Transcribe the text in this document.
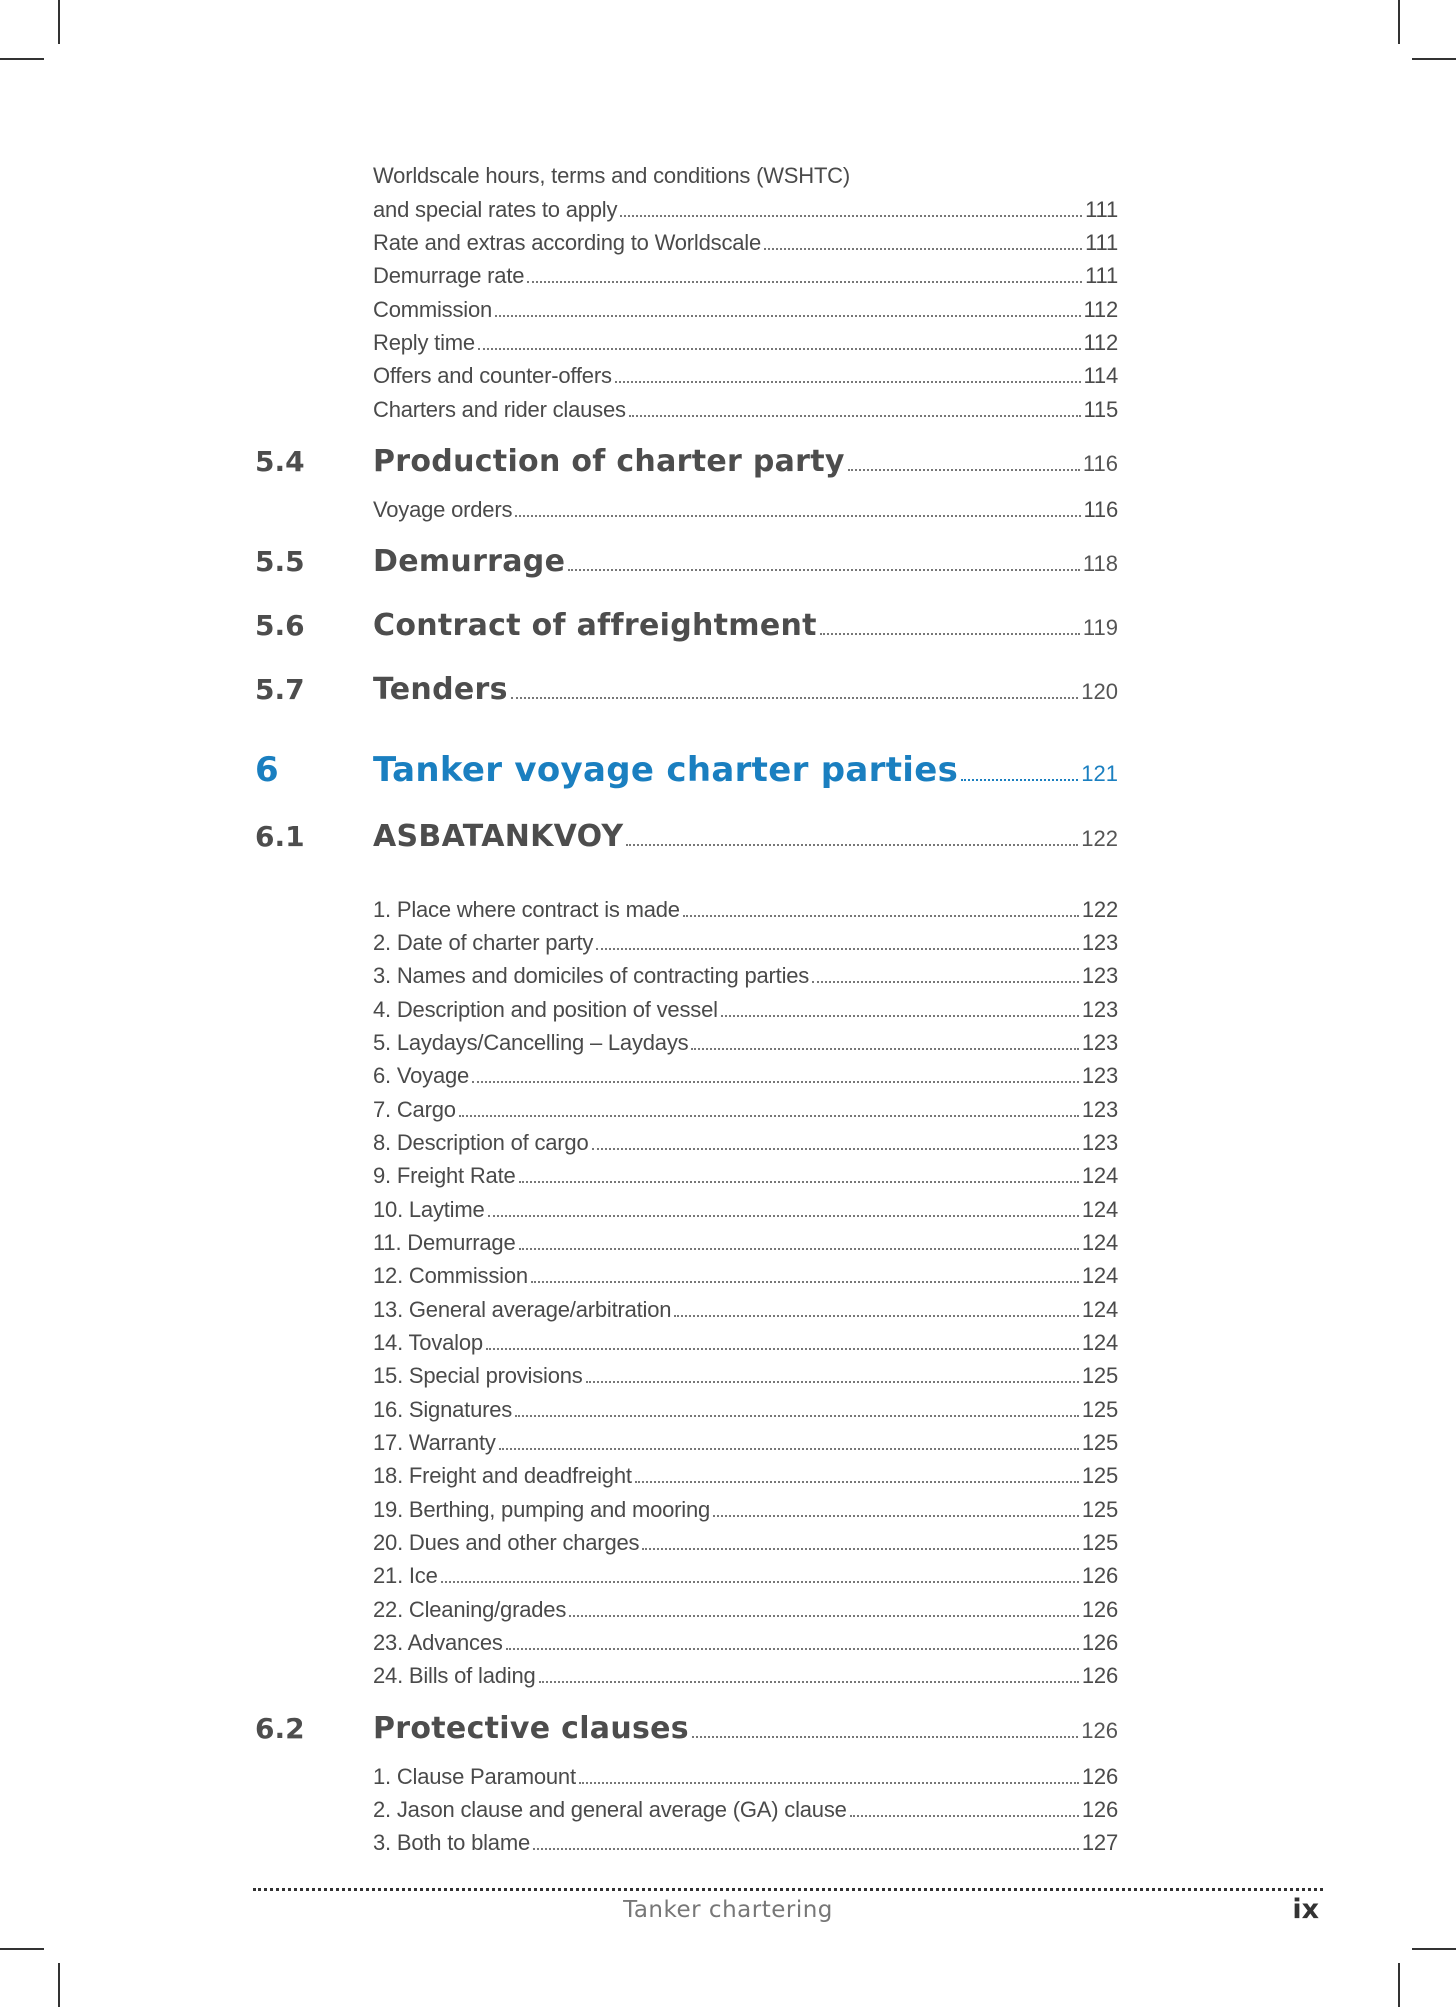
Worldscale hours, terms and conditions (WSHTC)
and special rates to apply	111
Rate and extras according to Worldscale	111
Demurrage rate	111
Commission	112
Reply time	112
Offers and counter-offers	114
Charters and rider clauses	115
5.4	Production of charter party	116
Voyage orders	116
5.5	Demurrage	118
5.6	Contract of affreightment	119
5.7	Tenders	120
6	Tanker voyage charter parties	121
6.1	ASBATANKVOY	122
1. Place where contract is made	122
2. Date of charter party	123
3. Names and domiciles of contracting parties	123
4. Description and position of vessel	123
5. Laydays/Cancelling – Laydays	123
6. Voyage	123
7. Cargo	123
8. Description of cargo	123
9. Freight Rate	124
10. Laytime	124
11. Demurrage	124
12. Commission	124
13. General average/arbitration	124
14. Tovalop	124
15. Special provisions	125
16. Signatures	125
17. Warranty	125
18. Freight and deadfreight	125
19. Berthing, pumping and mooring	125
20. Dues and other charges	125
21. Ice	126
22. Cleaning/grades	126
23. Advances	126
24. Bills of lading	126
6.2	Protective clauses	126
1. Clause Paramount	126
2. Jason clause and general average (GA) clause	126
3. Both to blame	127
Tanker chartering	ix
